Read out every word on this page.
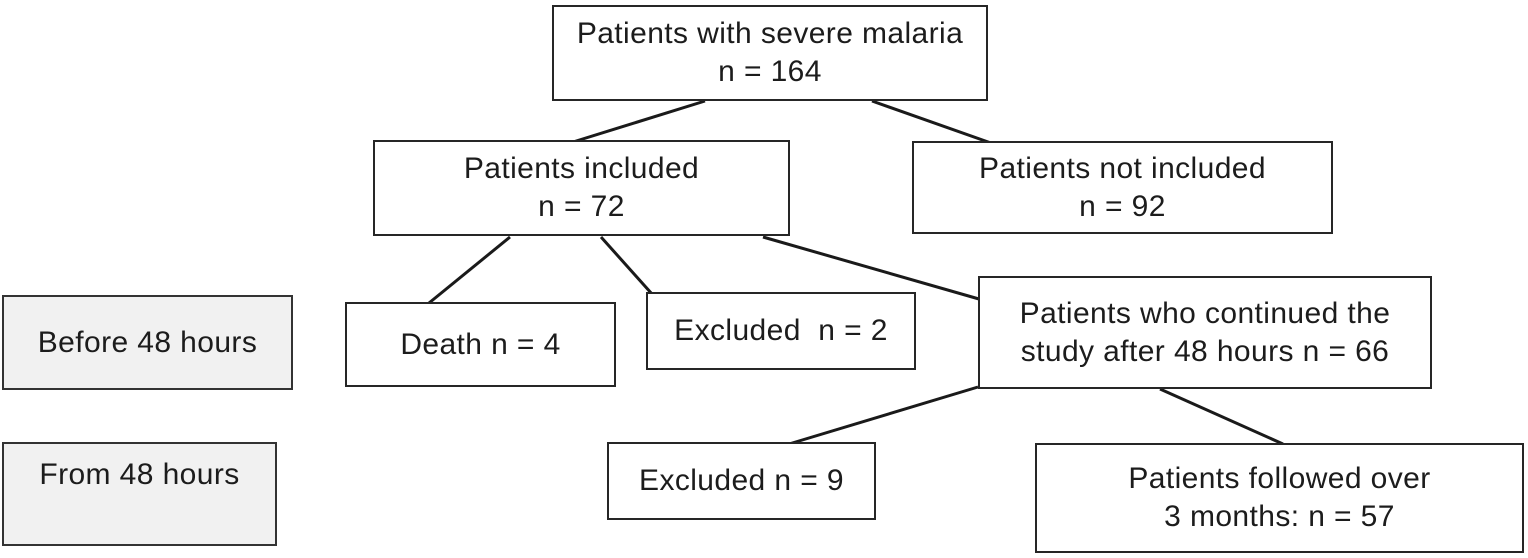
Patients with severe malaria
n = 164
Patients included
n = 72
Patients not included
n = 92
Before 48 hours	Death n = 4	Excluded  n = 2
Patients who continued the
study after 48 hours n = 66
From 48 hours	Excluded n = 9	Patients followed over
3 months: n = 57
